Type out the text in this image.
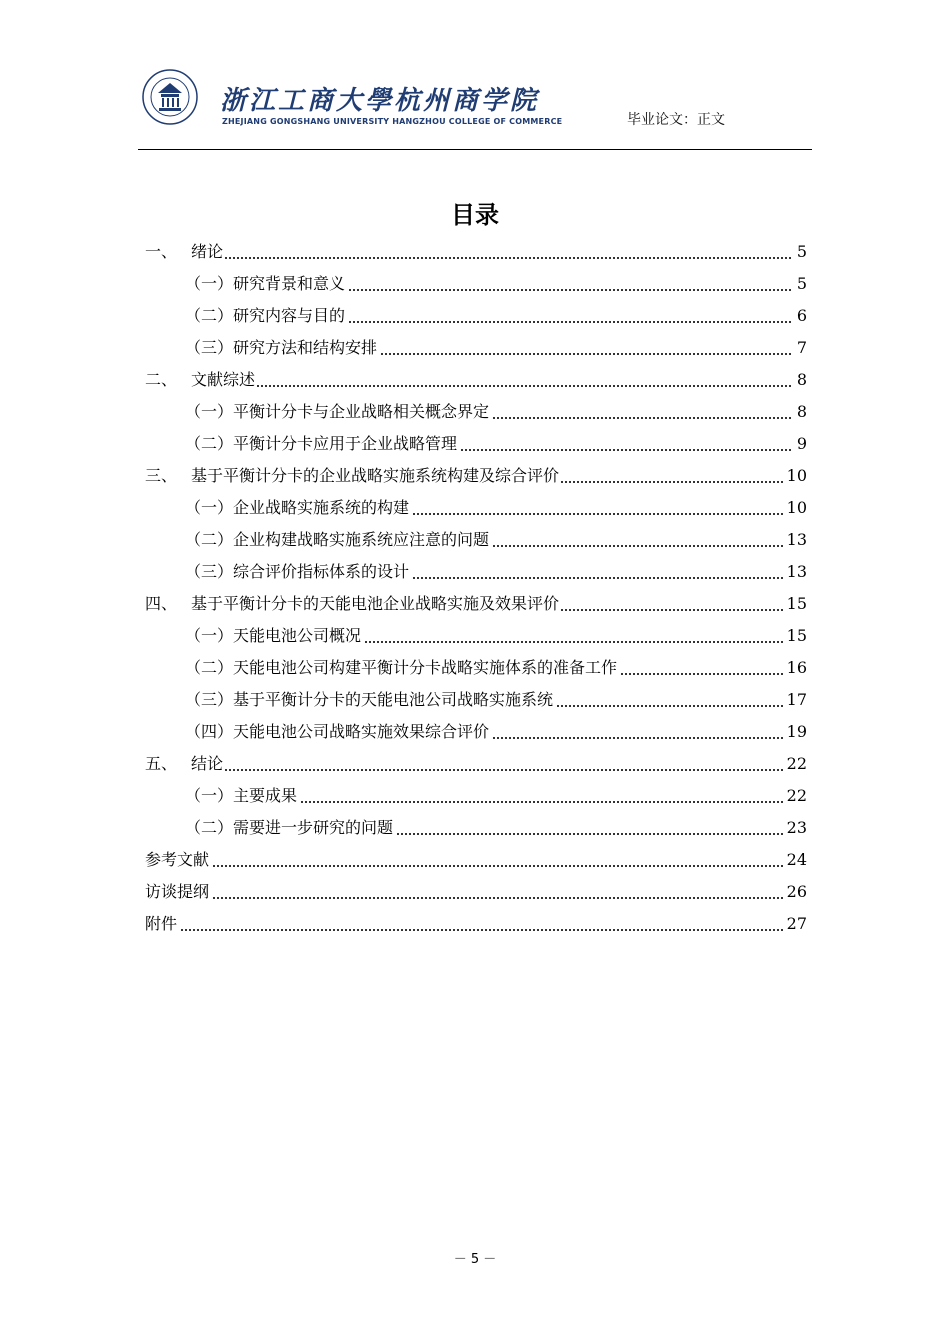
浙江工商大學杭州商学院
ZHEJIANG GONGSHANG UNIVERSITY HANGZHOU COLLEGE OF COMMERCE	毕业论文：正文
目录
一、 绪论	5
（一）研究背景和意义	5
（二）研究内容与目的	6
（三）研究方法和结构安排	7
二、 文献综述	8
（一）平衡计分卡与企业战略相关概念界定	8
（二）平衡计分卡应用于企业战略管理	9
三、 基于平衡计分卡的企业战略实施系统构建及综合评价	10
（一）企业战略实施系统的构建	10
（二）企业构建战略实施系统应注意的问题	13
（三）综合评价指标体系的设计	13
四、 基于平衡计分卡的天能电池企业战略实施及效果评价	15
（一）天能电池公司概况	15
（二）天能电池公司构建平衡计分卡战略实施体系的准备工作	16
（三）基于平衡计分卡的天能电池公司战略实施系统	17
（四）天能电池公司战略实施效果综合评价	19
五、 结论	22
（一）主要成果	22
（二）需要进一步研究的问题	23
参考文献	24
访谈提纲	26
附件	27
－ 5 －
